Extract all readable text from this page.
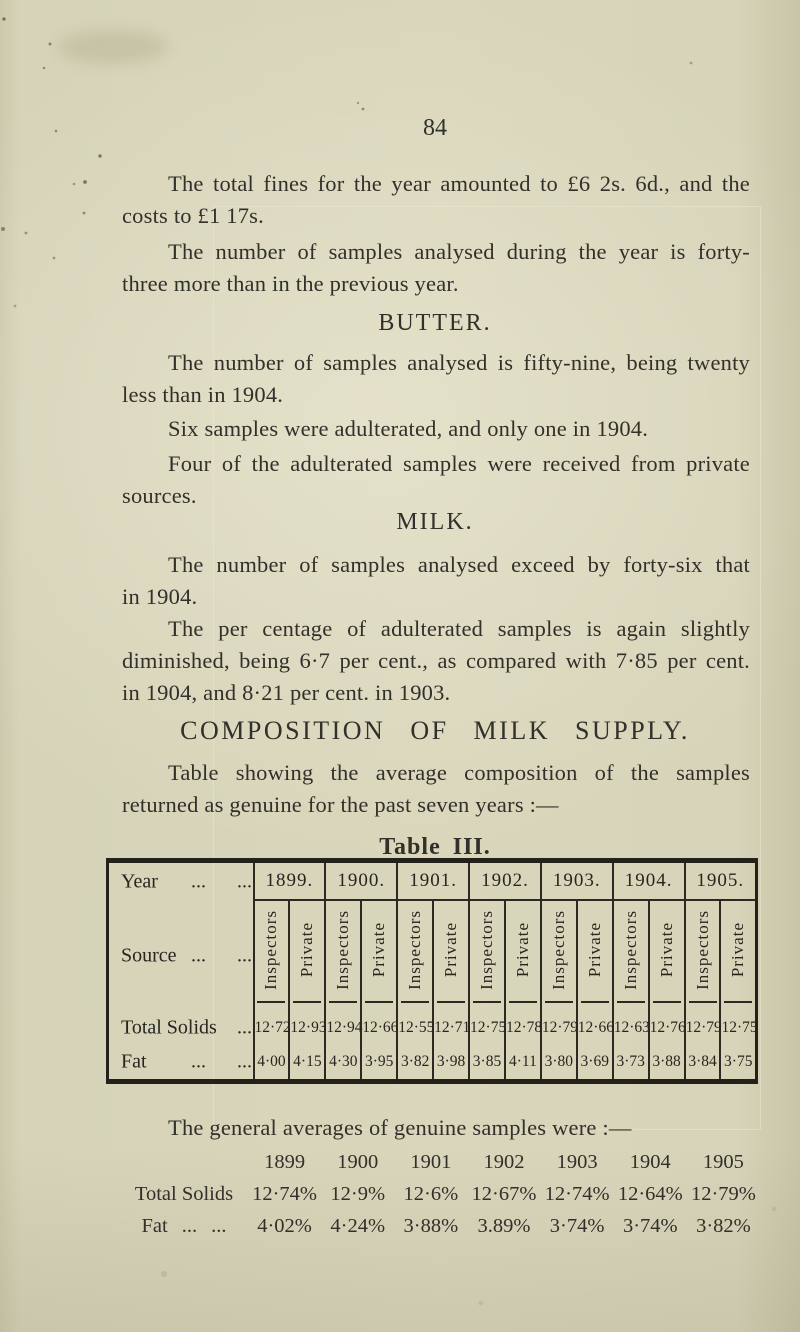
84
The total fines for the year amounted to £6 2s. 6d., and the
costs to £1 17s.
The number of samples analysed during the year is forty-
three more than in the previous year.
BUTTER.
The number of samples analysed is fifty-nine, being twenty
less than in 1904.
Six samples were adulterated, and only one in 1904.
Four of the adulterated samples were received from private
sources.
MILK.
The number of samples analysed exceed by forty-six that
in 1904.
The per centage of adulterated samples is again slightly
diminished, being 6·7 per cent., as compared with 7·85 per cent.
in 1904, and 8·21 per cent. in 1903.
COMPOSITION OF MILK SUPPLY.
Table showing the average composition of the samples
returned as genuine for the past seven years :—
Table III.
Year ... ...	1899.		1900.		1901.		1902.		1903.		1904.		1905.	

Source ... ...	Inspectors	Private	Inspectors	Private	Inspectors	Private	Inspectors	Private	Inspectors	Private	Inspectors	Private	Inspectors	Private

Total Solids ...	12·72	12·93	12·94	12·66	12·55	12·71	12·75	12·78	12·79	12·66	12·63	12·76	12·79	12·75

Fat ... ...	4·00	4·15	4·30	3·95	3·82	3·98	3·85	4·11	3·80	3·69	3·73	3·88	3·84	3·75
The general averages of genuine samples were :—
	1899	1900	1901	1902	1903	1904	1905
Total Solids	12·74%	12·9%	12·6%	12·67%	12·74%	12·64%	12·79%
Fat ... ...	4·02%	4·24%	3·88%	3.89%	3·74%	3·74%	3·82%
